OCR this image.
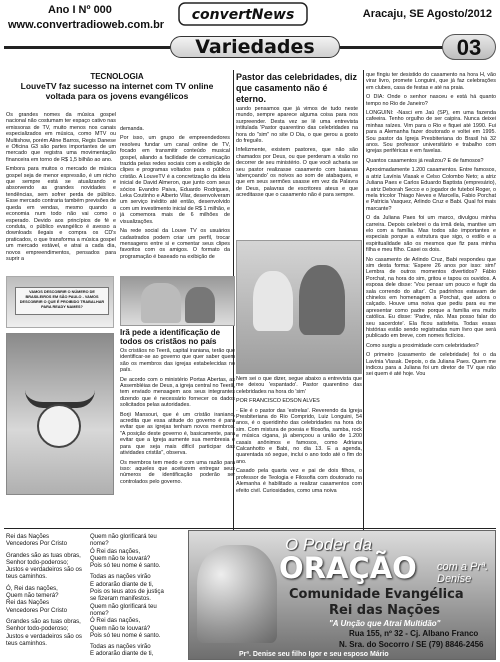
Ano I Nº 000
www.convertradioweb.com.br
convertNews	Aracaju, SE Agosto/2012
Variedades	03
TECNOLOGIA
LouveTV faz sucesso na internet com TV online voltada para os jovens evangélicos

Os grandes nomes da música gospel nacional não costumam ter espaço cativo nas emissoras de TV, muito menos nos canais especializados em música, como MTV ou Multishow, porém Aline Barros, Regis Danese e Oficina G3 são partes importantes de um mercado que registra uma movimentação financeira em torno de R$ 1,5 bilhão ao ano.

Embora para muitos o mercado de música gospel seja de menor expressão, é um nicho que sempre está se atualizando e absorvendo as grandes novidades e tendências, sem sofrer perda de público. Esse mercado contraria também previsões de queda em vendas, mesmo quando a economia num todo não vai como o esperado. Devido aos princípios de fé e conduta, o público evangélico é avesso a downloads ilegais e compra os CD's praticados, o que transforma a música gospel um mercado estável, e atrai a cada dia, novos empreendimentos, pensados para suprir a

demanda.

Por isso, um grupo de empreendedores resolveu fundar um canal online de TV, focado em transmitir conteúdo musical gospel, aliando a facilidade de comunicação trazida pelas redes sociais com a exibição de clipes e programas voltados para o público cristão. A LouveTV é a concretização da ideia inicial de David Almeron, que junto com seus sócios Evandro Paiva, Eduardo Rodrigues, Leka Coutinho e Alberto Vilar, desenvolveram um serviço inédito até então, desenvolvido com um investimento inicial de R$ 1 milhão, e já comemora mais de 6 milhões de visualizações.

Na rede social da Louve TV os usuários cadastrados podem criar um perfil, trocar mensagens entre si e comentar seus clipes favoritos com os amigos. O formato da programação é baseado na exibição de

VAMOS DESCOBRIR O NÚMERO DE BRASILEIROS EM SÃO PAULO - VAMOS DESCOBRIR O QUE É PROIBIDO TRABALHAR PARA READY NAMES?
Irã pede a identificação de todos os cristãos no país

Os cristãos no Teerã, capital iraniana, terão que identificar-se ao governo que quer saber quem são os membros das igrejas estabelecidas no país.

De acordo com o ministério Portas Abertas, as Assembléias de Deus, a igreja central no Teerã, tem enviado mensagem aos seus integrantes dizendo que é necessário fornecer os dados solicitados pelas autoridades.

Borji Mansouri, que é um cristão iraniano, acredita que essa atitude do governo é para evitar que as igrejas tenham novos membros. "A posição deste governo é, basicamente, para evitar que a Igreja aumente sua membresia e para que seja mais difícil participar das atividades cristãs", observa.

Os membros tem medo e com uma razão para isso: aqueles que aceitarem entregar seus números de identificação poderão ser controlados pelo governo.

Pastor das celebridades, diz que casamento não é eterno.

uando pensamos que já vimos de tudo neste mundo, sempre aparece alguma coisa para nos surpreender. Desta vez se lê uma entrevista intitulada 'Pastor quarentino das celebridades na hora do "sim" no site O Dia, o que gerou a gosto do freguês.

Infelizmente, existem pastores, que não são chamados por Deus, ou que perderam a visão no decorrer de seu ministério. O que você acharia se seu pastor realizasse casamento com baianas 'abençoando' os noivos ao som de atabaques, e que em seus sermões usasse em vez da Palavra de Deus, palavras de escritores ateus e que acreditasse que o casamento não é para sempre.

Nem sei o que dizer, segue abaixo a entrevista que me deixou 'espantado'. Pastor quarentino das celebridades na hora do 'sim'

POR FRANCISCO EDSON ALVES

· Ele é o pastor das 'estrelas'. Reverendo da Igreja Presbiteriana do Rio Comprido, Luiz Longuini, 54 anos, é o queridinho das celebridades na hora do sim. Com mistura de poesia e filosofia, samba, rock e música cigana, já abençoou a união de 1.200 casais anônimos e famosos, como Adriana Calcanhotto e Babi, no dia 13. E a agenda, quarentada só segue, inclui o ano todo até o fim do ano.

Casado pela quarta vez e pai de dois filhos, o professor de Teologia e Filosofia com doutorado na Alemanha é habilitado a realizar casamentos com efeito civil. Curiosidades, como uma noiva

que fingiu ter desistido do casamento na hora H, vão virar livro, promete Longuini, que já faz celebrações em clubes, casa de festas e até na praia.

O DIA: Onde o senhor nasceu e está há quanto tempo no Rio de Janeiro?

LONGUINI: -Nasci em Jaú (SP), em uma fazenda cafeeira. Tenho orgulho de ser caipira. Nunca deixei minhas raízes. Vim para o Rio e fiquei até 1990. Fui para a Alemanha fazer doutorado e voltei em 1995. Sou pastor da Igreja Presbiteriana do Brasil há 32 anos. Sou professor universitário e trabalho com igrejas periféricas e em favelas.

Quantos casamentos já realizou? E de famosos?

Aproximadamente 1.200 casamentos. Entre famosos, a atriz Lavínia Vlasak e Celso Colombo Neto; a atriz Juliana Paes e Carlos Eduardo Baptista (empresário), a atriz Deborah Secco e o jogador de futebol Roger, o mela tricolor Thiago Neves e Marcella, Fabio Porchat e Patricia Vasquez, Arlindo Cruz e Babi. Qual foi mais marcante?

O da Juliana Paes foi um marco, divulgou minha carreira. Depois celebrei o da irmã dela, mantive um elo com a família. Mas todos são importantes e especiais porque a estrutura que sigo, o estilo e a espiritualidade são os mesmos que fiz para minha filha e meu filho. Casei os dois.

No casamento de Arlindo Cruz, Babi respondeu que sim desta forma: 'Espere 26 anos por isso: sim!' Lembra de outros momentos divertidos? Fábio Porchat, na hora do sim, gritou e tapou os ouvidos. A esposa dele disse: 'Vou pensar um pouco e fugir da sala correndo do altar'. Os padrinhos estavam de chinelos em homenagem a Porchat, que adora o calçado. Houve uma noiva que pediu para eu me apresentar como padre porque a família era muito católica. Eu disse: 'Padre, não. Mas posso falar do seu sacerdote'. Ela ficou satisfeita. Todas essas histórias estão sendo registradas num livro que será publicado em breve, com nomes fictícios.

Como surgiu a proximidade com celebridades?

O primeiro (casamento de celebridade) foi o da Lavínia Vlasak. Depois, o da Juliana Paes. Quem me indicou para a Juliana foi um diretor de TV que não sei quem é até hoje. Vou

Rei das Nações
Vencedores Por Cristo

Grandes são as tuas obras,
Senhor todo-poderoso;
Justos e verdadeiros são os
teus caminhos.

Ó, Rei das nações,
Quem não temerá?
Rei das Nações
Vencedores Por Cristo

Grandes são as tuas obras,
Senhor todo-poderoso;
Justos e verdadeiros são os
teus caminhos.

Quem não glorificará teu
nome?
Ó Rei das nações,
Quem não te louvará?
Pois só teu nome é santo.

Todas as nações virão
E adorarão diante de ti,
Pois os teus atos de justiça
se fizeram manifestos.
Quem não glorificará teu
nome?
Ó Rei das nações,
Quem não te louvará?
Pois só teu nome é santo.

Todas as nações virão
E adorarão diante de ti,

O Poder da
ORAÇÃO com a Prª. Denise
Comunidade Evangélica
Rei das Nações
"A Unção que Atrai Multidão"
Rua 155, nº 32 - Cj. Albano Franco
N. Sra. do Socorro / SE (79) 8846-2456
Prª. Denise seu filho Igor e seu esposo Mário
